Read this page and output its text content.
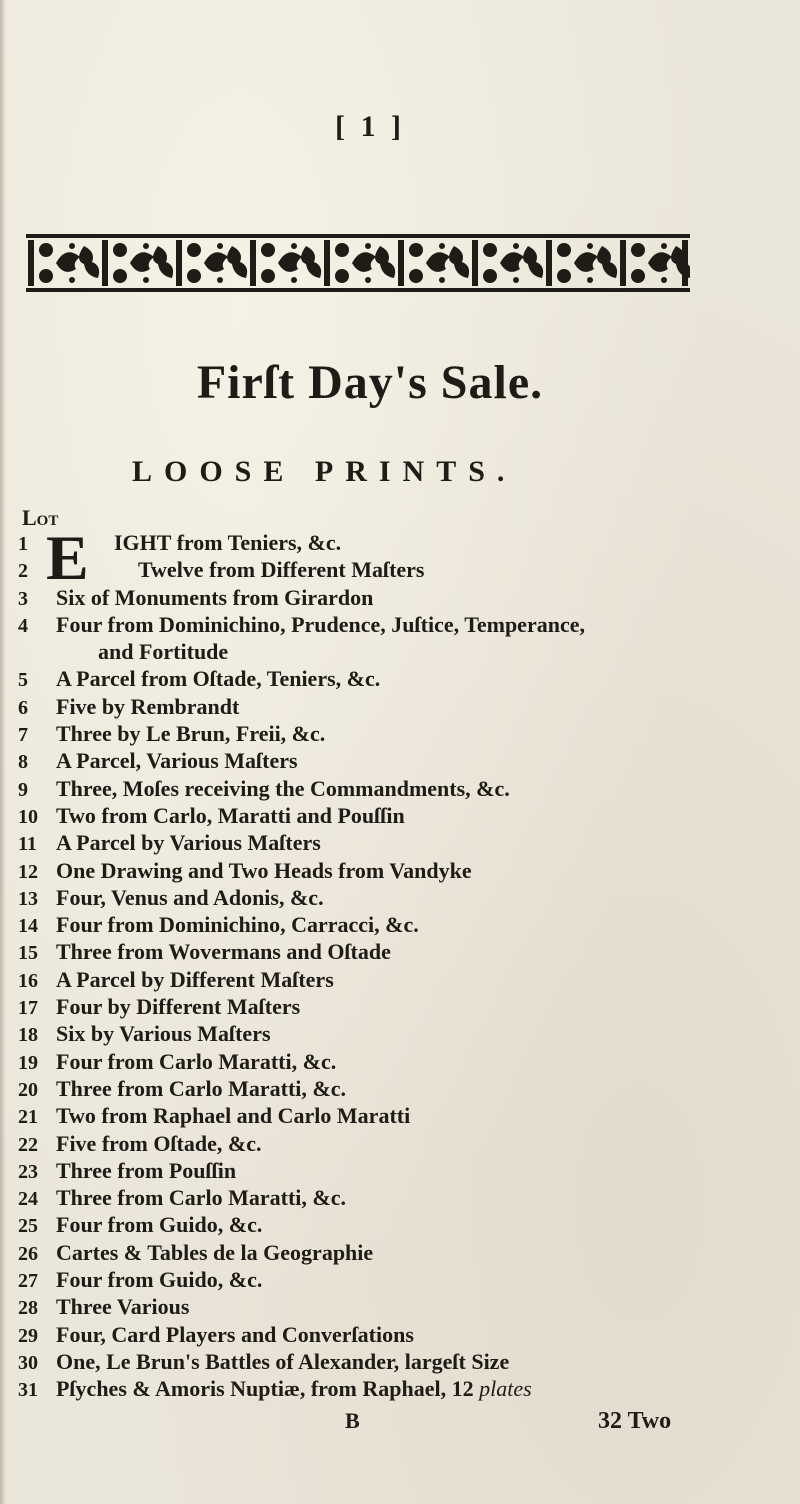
[ 1 ]
Firſt Day's Sale.
LOOSE PRINTS.
Lot
E
1	IGHT from Teniers, &c.
2	Twelve from Different Maſters
3	Six of Monuments from Girardon
4	Four from Dominichino, Prudence, Juſtice, Temperance,
and Fortitude
5	A Parcel from Oſtade, Teniers, &c.
6	Five by Rembrandt
7	Three by Le Brun, Freii, &c.
8	A Parcel, Various Maſters
9	Three, Moſes receiving the Commandments, &c.
10 Two from Carlo, Maratti and Pouſſin
11 A Parcel by Various Maſters
12 One Drawing and Two Heads from Vandyke
13 Four, Venus and Adonis, &c.
14 Four from Dominichino, Carracci, &c.
15 Three from Wovermans and Oſtade
16 A Parcel by Different Maſters
17 Four by Different Maſters
18 Six by Various Maſters
19 Four from Carlo Maratti, &c.
20 Three from Carlo Maratti, &c.
21 Two from Raphael and Carlo Maratti
22 Five from Oſtade, &c.
23 Three from Pouſſin
24 Three from Carlo Maratti, &c.
25 Four from Guido, &c.
26 Cartes & Tables de la Geographie
27 Four from Guido, &c.
28 Three Various
29 Four, Card Players and Converſations
30 One, Le Brun's Battles of Alexander, largeſt Size
31 Pſyches & Amoris Nuptiæ, from Raphael, 12 plates
B	32 Two
